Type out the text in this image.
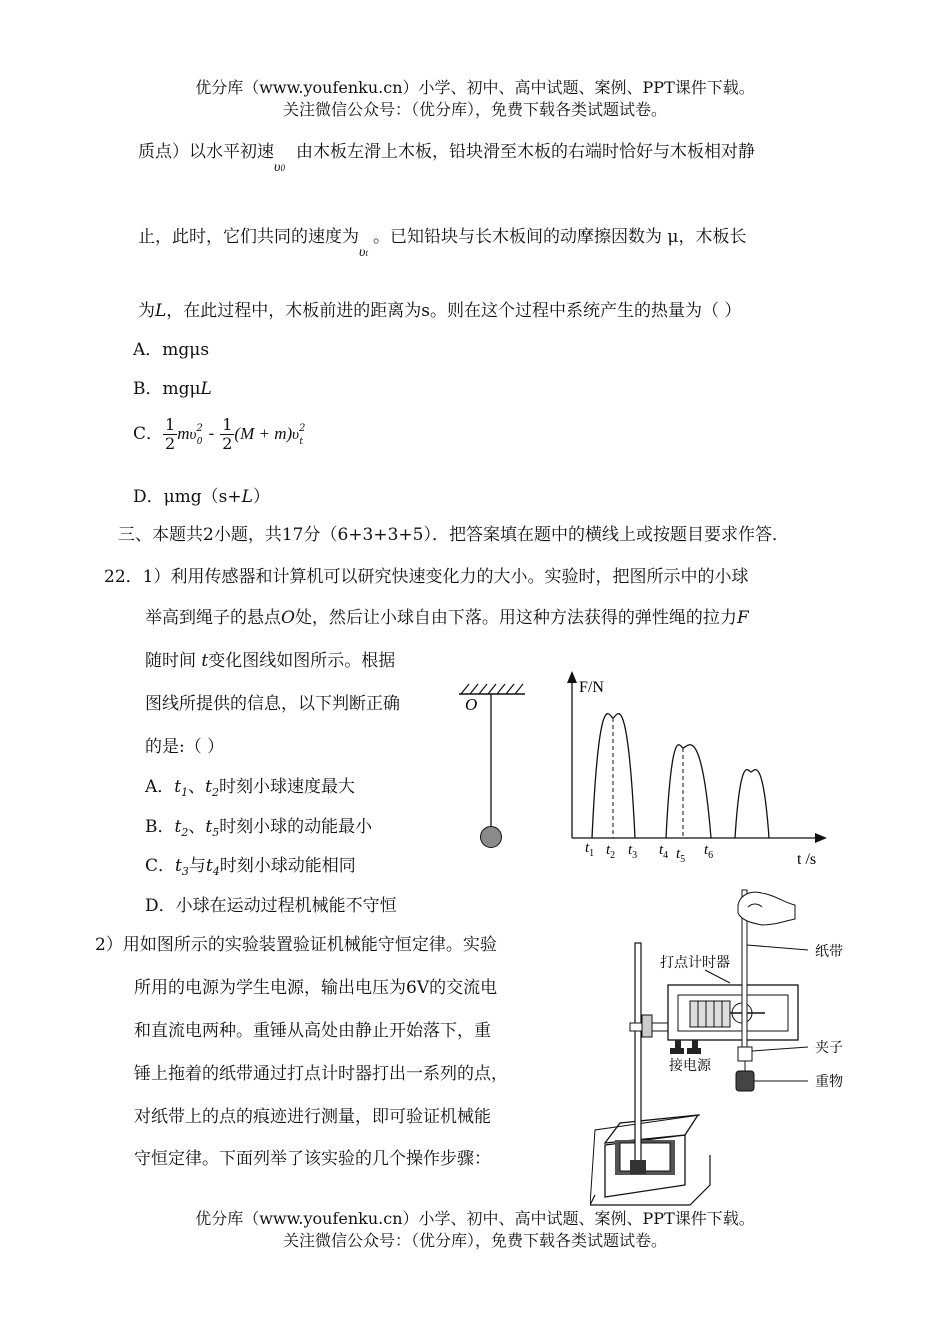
优分库（www.youfenku.cn）小学、初中、高中试题、案例、PPT课件下载。
关注微信公众号：（优分库），免费下载各类试题试卷。
质点）以水平初速υ0由木板左滑上木板，铅块滑至木板的右端时恰好与木板相对静
止，此时，它们共同的速度为υt。已知铅块与长木板间的动摩擦因数为 μ，木板长
为L，在此过程中，木板前进的距离为s。则在这个过程中系统产生的热量为（ ）
A．mgμs
B．mgμL
C． $\frac{1}{2} m\upsilon^2_0 - \frac{1}{2} (M + m)\upsilon^2_t$
D．μmg（s+L）
三、本题共2小题，共17分（6+3+3+5）．把答案填在题中的横线上或按题目要求作答．
22．1）利用传感器和计算机可以研究快速变化力的大小。实验时，把图所示中的小球
举高到绳子的悬点O处，然后让小球自由下落。用这种方法获得的弹性绳的拉力F
随时间 t变化图线如图所示。根据
图线所提供的信息，以下判断正确
的是:（ ）
A．$t_1$、$t_2$时刻小球速度最大
B．$t_2$、$t_5$时刻小球的动能最小
C．$t_3$与$t_4$时刻小球动能相同
D．小球在运动过程机械能不守恒
2）用如图所示的实验装置验证机械能守恒定律。实验
所用的电源为学生电源，输出电压为6V的交流电
和直流电两种。重锤从高处由静止开始落下，重
锤上拖着的纸带通过打点计时器打出一系列的点，
对纸带上的点的痕迹进行测量，即可验证机械能
守恒定律。下面列举了该实验的几个操作步骤：
O
F/N
t /s
$t_1$ $t_2$ $t_3$ $t_4$ $t_5$
$t_6$
接电源
打点计时器
纸带
夹子
重物
优分库（www.youfenku.cn）小学、初中、高中试题、案例、PPT课件下载。
关注微信公众号：（优分库），免费下载各类试题试卷。
